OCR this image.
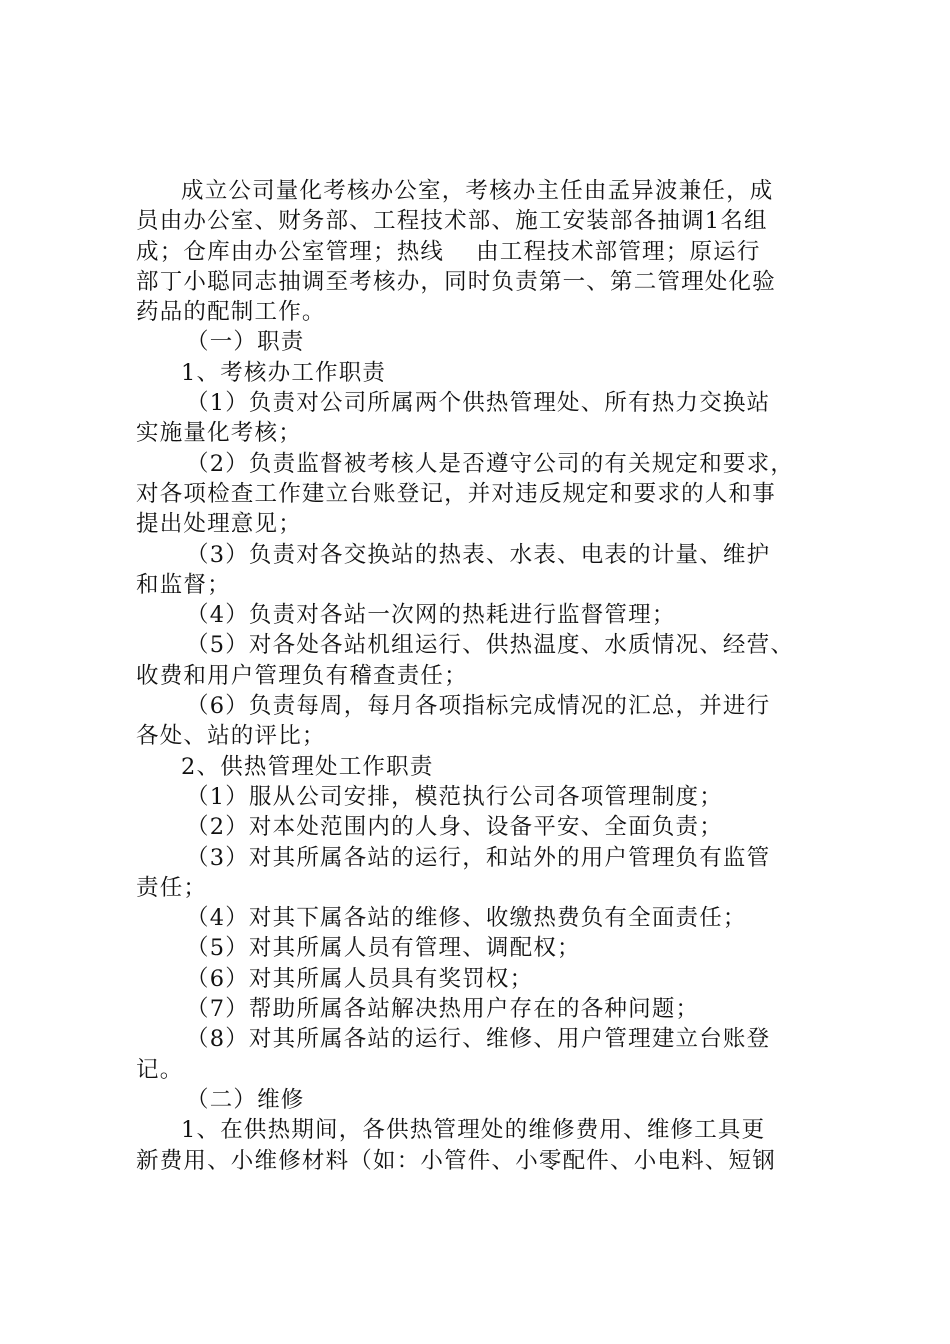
成立公司量化考核办公室，考核办主任由孟异波兼任，成
员由办公室、财务部、工程技术部、施工安装部各抽调1名组
成；仓库由办公室管理；热线　 由工程技术部管理；原运行
部丁小聪同志抽调至考核办，同时负责第一、第二管理处化验
药品的配制工作。
（一）职责
1、考核办工作职责
（1）负责对公司所属两个供热管理处、所有热力交换站
实施量化考核；
（2）负责监督被考核人是否遵守公司的有关规定和要求，
对各项检查工作建立台账登记，并对违反规定和要求的人和事
提出处理意见；
（3）负责对各交换站的热表、水表、电表的计量、维护
和监督；
（4）负责对各站一次网的热耗进行监督管理；
（5）对各处各站机组运行、供热温度、水质情况、经营、
收费和用户管理负有稽查责任；
（6）负责每周，每月各项指标完成情况的汇总，并进行
各处、站的评比；
2、供热管理处工作职责
（1）服从公司安排，模范执行公司各项管理制度；
（2）对本处范围内的人身、设备平安、全面负责；
（3）对其所属各站的运行，和站外的用户管理负有监管
责任；
（4）对其下属各站的维修、收缴热费负有全面责任；
（5）对其所属人员有管理、调配权；
（6）对其所属人员具有奖罚权；
（7）帮助所属各站解决热用户存在的各种问题；
（8）对其所属各站的运行、维修、用户管理建立台账登
记。
（二）维修
1、在供热期间，各供热管理处的维修费用、维修工具更
新费用、小维修材料（如：小管件、小零配件、小电料、短钢
